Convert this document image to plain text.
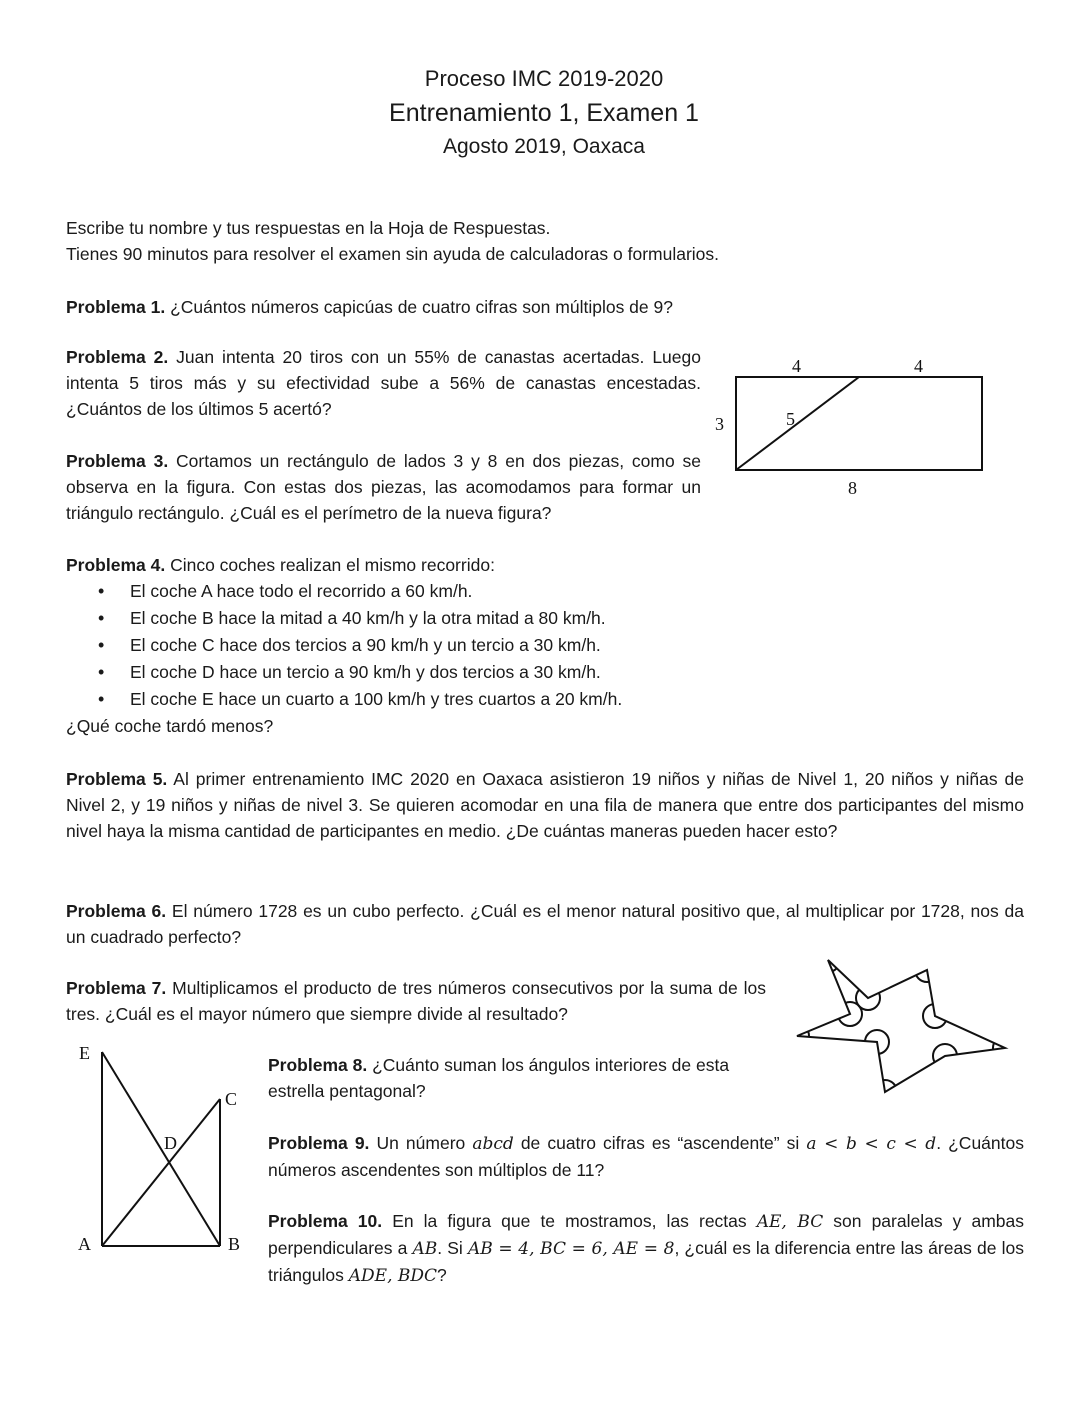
Proceso IMC 2019-2020
Entrenamiento 1, Examen 1
Agosto 2019, Oaxaca
Escribe tu nombre y tus respuestas en la Hoja de Respuestas.
Tienes 90 minutos para resolver el examen sin ayuda de calculadoras o formularios.
Problema 1. ¿Cuántos números capicúas de cuatro cifras son múltiplos de 9?
Problema 2. Juan intenta 20 tiros con un 55% de canastas acertadas. Luego intenta 5 tiros más y su efectividad sube a 56% de canastas encestadas. ¿Cuántos de los últimos 5 acertó?
Problema 3. Cortamos un rectángulo de lados 3 y 8 en dos piezas, como se observa en la figura. Con estas dos piezas, las acomodamos para formar un triángulo rectángulo. ¿Cuál es el perímetro de la nueva figura?
4	4
3	5
8
Problema 4. Cinco coches realizan el mismo recorrido:
• El coche A hace todo el recorrido a 60 km/h.
• El coche B hace la mitad a 40 km/h y la otra mitad a 80 km/h.
• El coche C hace dos tercios a 90 km/h y un tercio a 30 km/h.
• El coche D hace un tercio a 90 km/h y dos tercios a 30 km/h.
• El coche E hace un cuarto a 100 km/h y tres cuartos a 20 km/h.
¿Qué coche tardó menos?
Problema 5. Al primer entrenamiento IMC 2020 en Oaxaca asistieron 19 niños y niñas de Nivel 1, 20 niños y niñas de Nivel 2, y 19 niños y niñas de nivel 3. Se quieren acomodar en una fila de manera que entre dos participantes del mismo nivel haya la misma cantidad de participantes en medio. ¿De cuántas maneras pueden hacer esto?
Problema 6. El número 1728 es un cubo perfecto. ¿Cuál es el menor natural positivo que, al multiplicar por 1728, nos da un cuadrado perfecto?
Problema 7. Multiplicamos el producto de tres números consecutivos por la suma de los tres. ¿Cuál es el mayor número que siempre divide al resultado?
E
C
D
A	B
Problema 8. ¿Cuánto suman los ángulos interiores de esta estrella pentagonal?
Problema 9. Un número abcd de cuatro cifras es “ascendente” si a < b < c < d. ¿Cuántos números ascendentes son múltiplos de 11?
Problema 10. En la figura que te mostramos, las rectas AE, BC son paralelas y ambas perpendiculares a AB. Si AB = 4, BC = 6, AE = 8, ¿cuál es la diferencia entre las áreas de los triángulos ADE, BDC?
